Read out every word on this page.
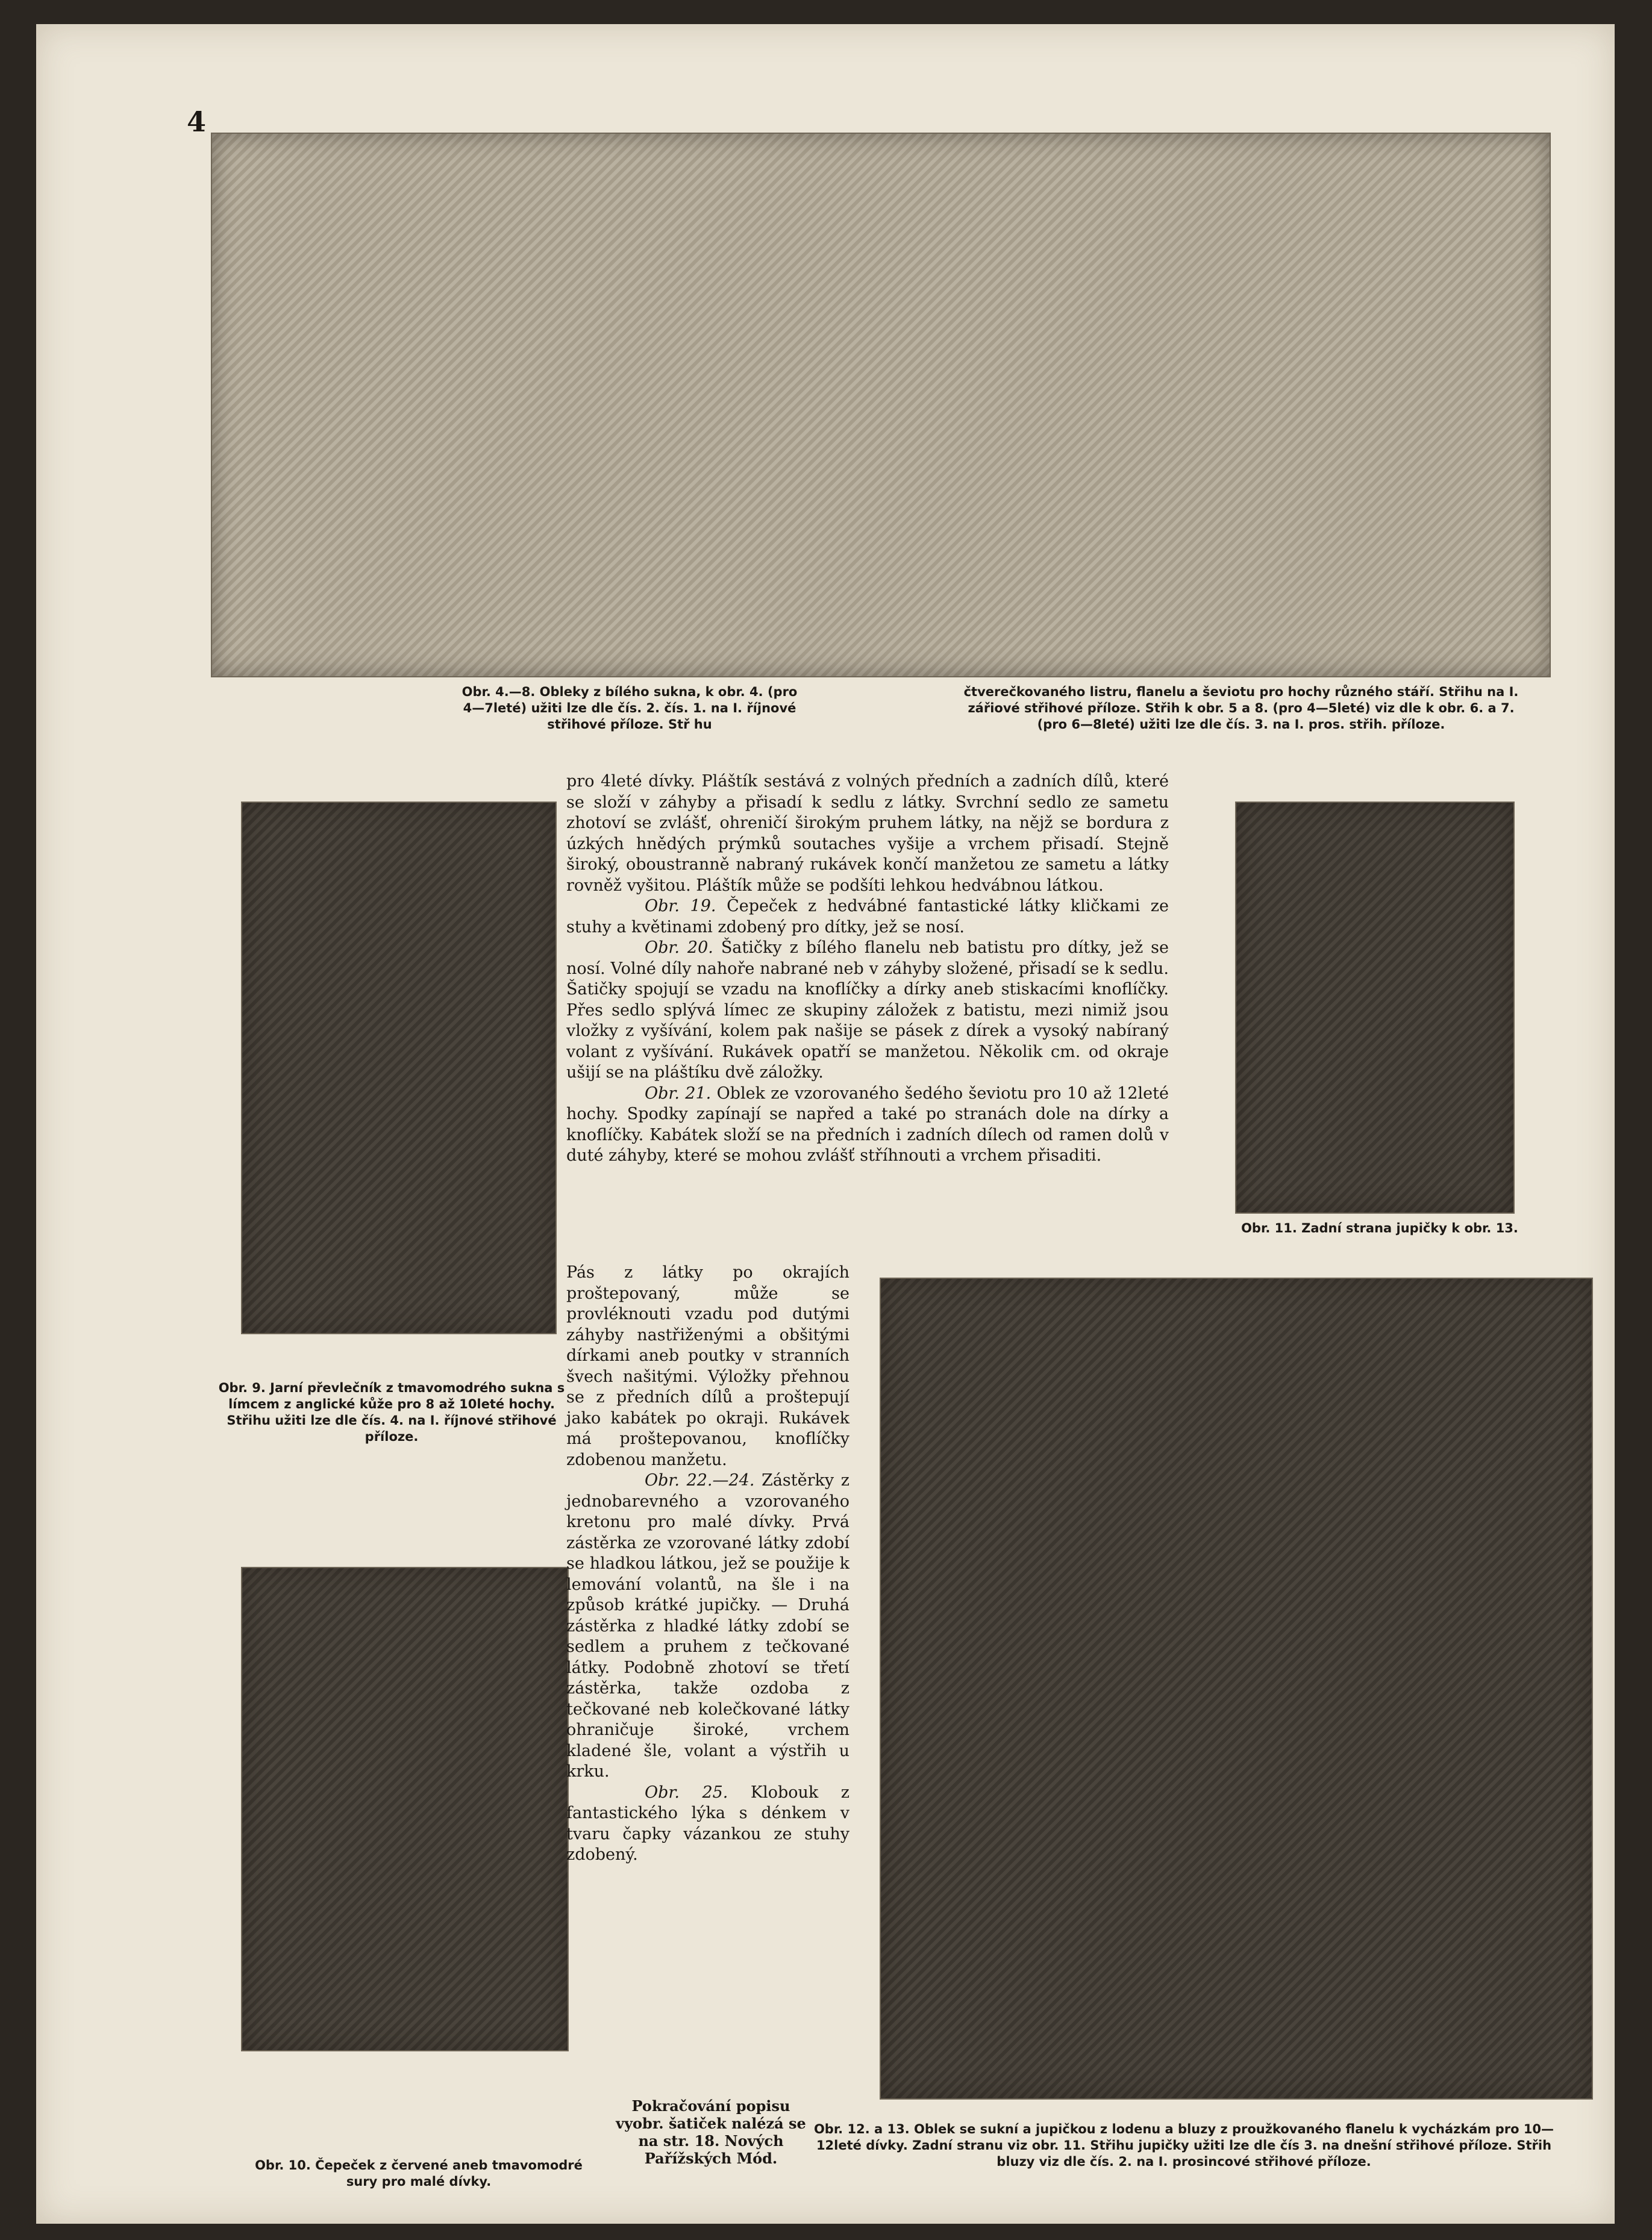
4

Obr. 4.—8. Obleky z bílého sukna, k obr. 4. (pro 4—7leté) užiti lze dle čís. 2. čís. 1. na I. říjnové střihové příloze. Stř hu

čtverečkovaného listru, flanelu a ševiotu pro hochy různého stáří. Střihu na I. zářiové střihové příloze. Střih k obr. 5 a 8. (pro 4—5leté) viz dle k obr. 6. a 7. (pro 6—8leté) užiti lze dle čís. 3. na I. pros. střih. příloze.

Obr. 9. Jarní převlečník z tmavomodrého sukna s límcem z anglické kůže pro 8 až 10leté hochy. Střihu užiti lze dle čís. 4. na I. říjnové střihové příloze.

Obr. 10. Čepeček z červené aneb tmavomodré sury pro malé dívky.

Obr. 11. Zadní strana jupičky k obr. 13.

Obr. 12. a 13. Oblek se sukní a jupičkou z lodenu a bluzy z proužkovaného flanelu k vycházkám pro 10—12leté dívky. Zadní stranu viz obr. 11. Střihu jupičky užiti lze dle čís 3. na dnešní střihové příloze. Střih bluzy viz dle čís. 2. na I. prosincové střihové příloze.

pro 4leté dívky. Pláštík sestává z volných předních a zadních dílů, které se složí v záhyby a přisadí k sedlu z látky. Svrchní sedlo ze sametu zhotoví se zvlášť, ohreničí širokým pruhem látky, na nějž se bordura z úzkých hnědých prýmků soutaches vyšije a vrchem přisadí. Stejně široký, oboustranně nabraný rukávek končí manžetou ze sametu a látky rovněž vyšitou. Pláštík může se podšíti lehkou hedvábnou látkou.

Obr. 19. Čepeček z hedvábné fantastické látky kličkami ze stuhy a květinami zdobený pro dítky, jež se nosí.

Obr. 20. Šatičky z bílého flanelu neb batistu pro dítky, jež se nosí. Volné díly nahoře nabrané neb v záhyby složené, přisadí se k sedlu. Šatičky spojují se vzadu na knoflíčky a dírky aneb stiskacími knoflíčky. Přes sedlo splývá límec ze skupiny záložek z batistu, mezi nimiž jsou vložky z vyšívání, kolem pak našije se pásek z dírek a vysoký nabíraný volant z vyšívání. Rukávek opatří se manžetou. Několik cm. od okraje ušijí se na pláštíku dvě záložky.

Obr. 21. Oblek ze vzorovaného šedého ševiotu pro 10 až 12leté hochy. Spodky zapínají se napřed a také po stranách dole na dírky a knoflíčky. Kabátek složí se na předních i zadních dílech od ramen dolů v duté záhyby, které se mohou zvlášť stříhnouti a vrchem přisaditi.

Pás z látky po okrajích proštepovaný, může se provléknouti vzadu pod dutými záhyby nastřiženými a obšitými dírkami aneb poutky v stranních švech našitými. Výložky přehnou se z předních dílů a proštepují jako kabátek po okraji. Rukávek má proštepovanou, knoflíčky zdobenou manžetu.

Obr. 22.—24. Zástěrky z jednobarevného a vzorovaného kretonu pro malé dívky. Prvá zástěrka ze vzorované látky zdobí se hladkou látkou, jež se použije k lemování volantů, na šle i na způsob krátké jupičky. — Druhá zástěrka z hladké látky zdobí se sedlem a pruhem z tečkované látky. Podobně zhotoví se třetí zástěrka, takže ozdoba z tečkované neb kolečkované látky ohraničuje široké, vrchem kladené šle, volant a výstřih u krku.

Obr. 25. Klobouk z fantastického lýka s dénkem v tvaru čapky vázankou ze stuhy zdobený.

Pokračování popisu vyobr. šatiček nalézá se na str. 18. Nových Pařížských Mód.
